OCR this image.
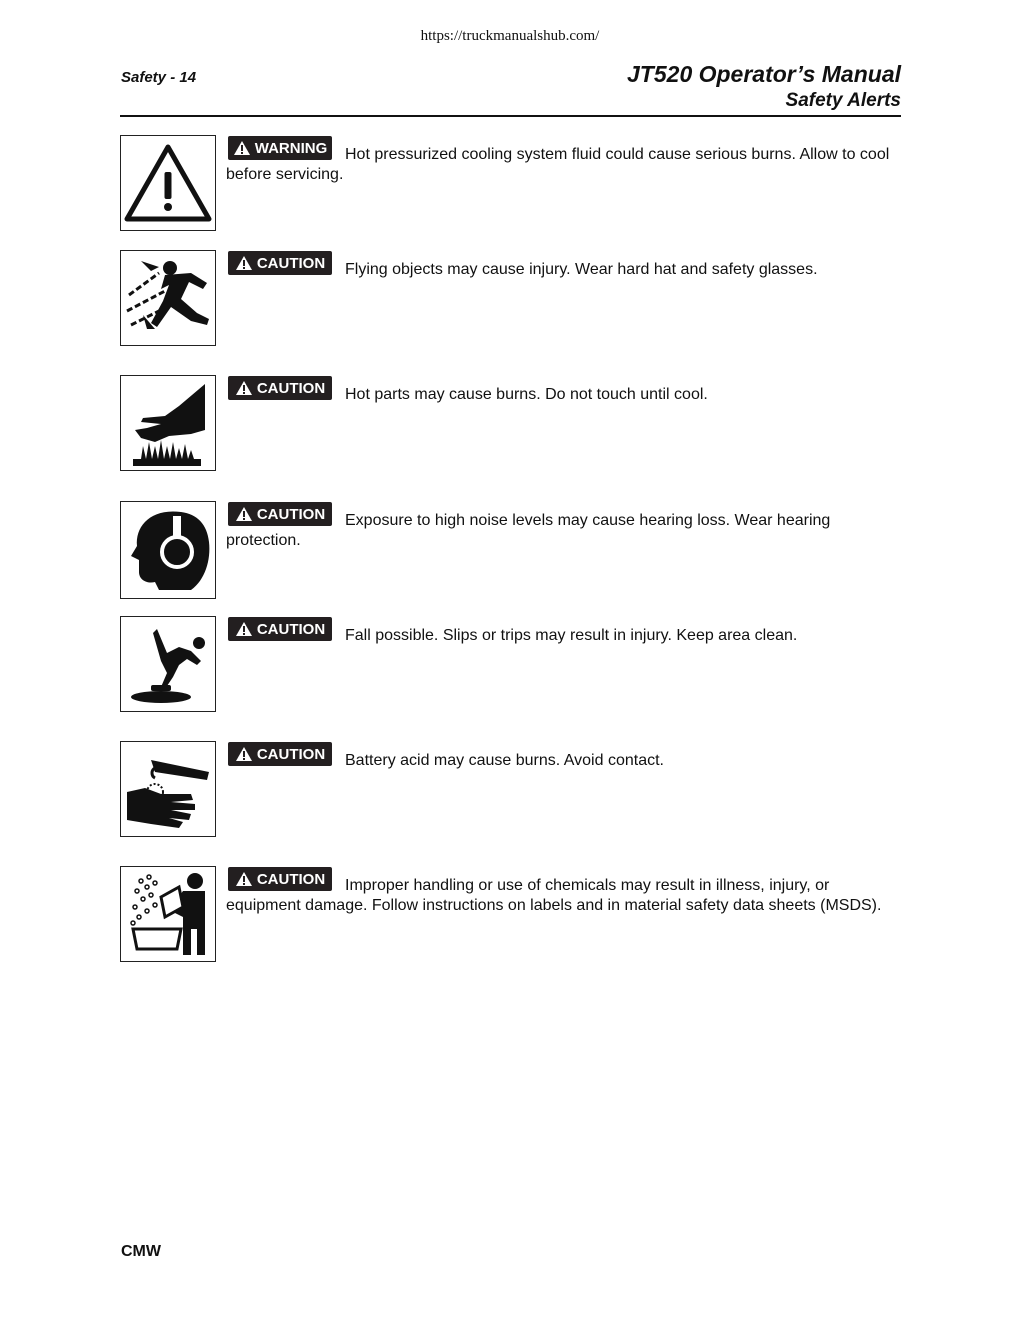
https://truckmanualshub.com/
Safety - 14	JT520 Operator’s Manual
Safety Alerts
WARNING	Hot pressurized cooling system fluid could cause serious burns. Allow to cool before servicing.
CAUTION	Flying objects may cause injury. Wear hard hat and safety glasses.
CAUTION	Hot parts may cause burns. Do not touch until cool.
CAUTION	Exposure to high noise levels may cause hearing loss. Wear hearing protection.
CAUTION	Fall possible. Slips or trips may result in injury. Keep area clean.
CAUTION	Battery acid may cause burns. Avoid contact.
CAUTION	Improper handling or use of chemicals may result in illness, injury, or equipment damage. Follow instructions on labels and in material safety data sheets (MSDS).
CMW
